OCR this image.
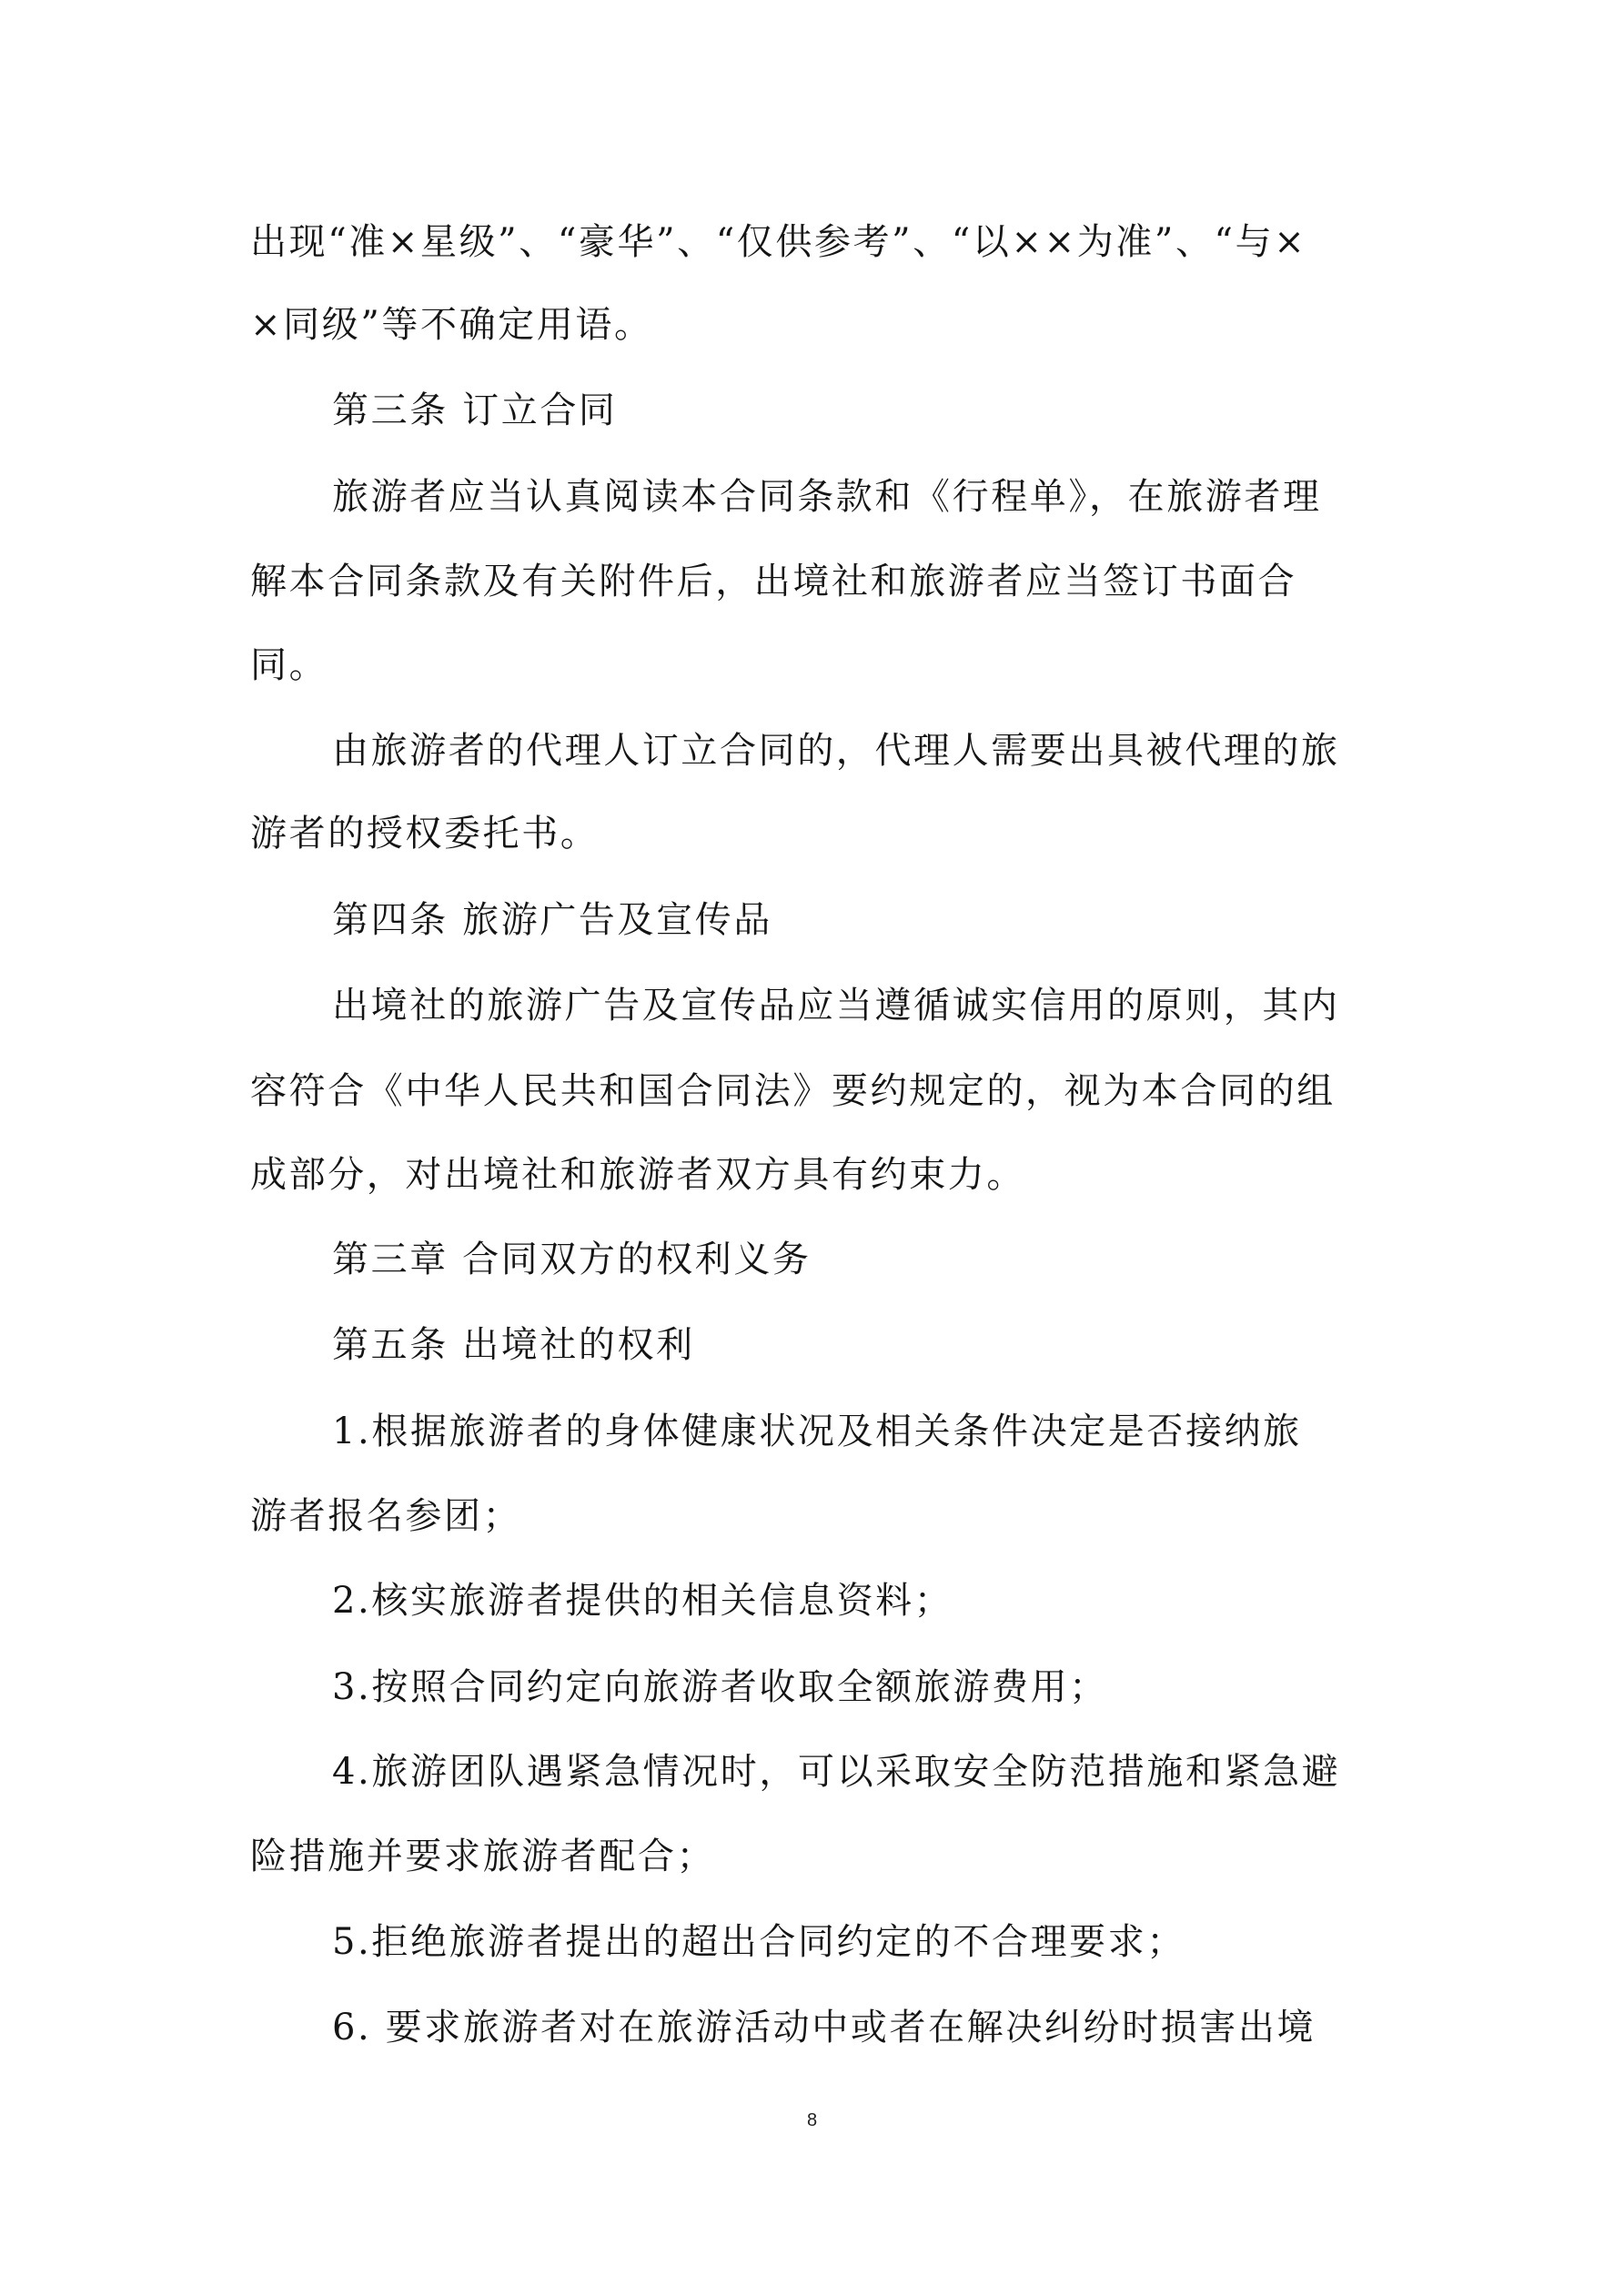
出现“准×星级”、“豪华”、“仅供参考”、“以××为准”、“与×

×同级”等不确定用语。

第三条 订立合同

旅游者应当认真阅读本合同条款和《行程单》，在旅游者理

解本合同条款及有关附件后，出境社和旅游者应当签订书面合

同。

由旅游者的代理人订立合同的，代理人需要出具被代理的旅

游者的授权委托书。

第四条 旅游广告及宣传品

出境社的旅游广告及宣传品应当遵循诚实信用的原则，其内

容符合《中华人民共和国合同法》要约规定的，视为本合同的组

成部分，对出境社和旅游者双方具有约束力。

第三章 合同双方的权利义务

第五条 出境社的权利

1.根据旅游者的身体健康状况及相关条件决定是否接纳旅

游者报名参团；

2.核实旅游者提供的相关信息资料；

3.按照合同约定向旅游者收取全额旅游费用；

4.旅游团队遇紧急情况时，可以采取安全防范措施和紧急避

险措施并要求旅游者配合；

5.拒绝旅游者提出的超出合同约定的不合理要求；

6. 要求旅游者对在旅游活动中或者在解决纠纷时损害出境

8
